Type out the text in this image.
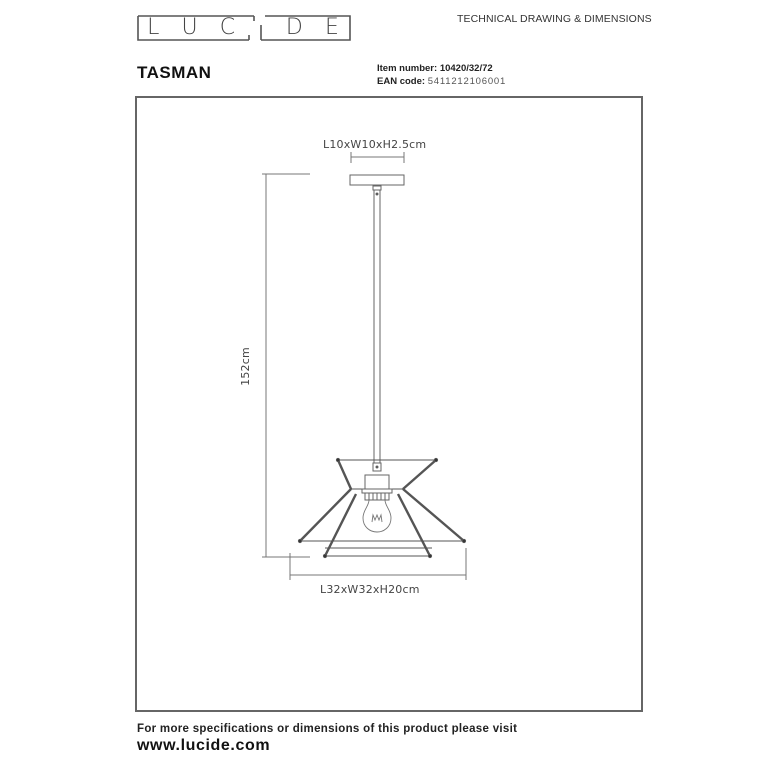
L U C D E	TECHNICAL DRAWING & DIMENSIONS
TASMAN	Item number: 10420/32/72
EAN code: 5411212106001
L10xW10xH2.5cm
152cm
L32xW32xH20cm
For more specifications or dimensions of this product please visit
www.lucide.com
